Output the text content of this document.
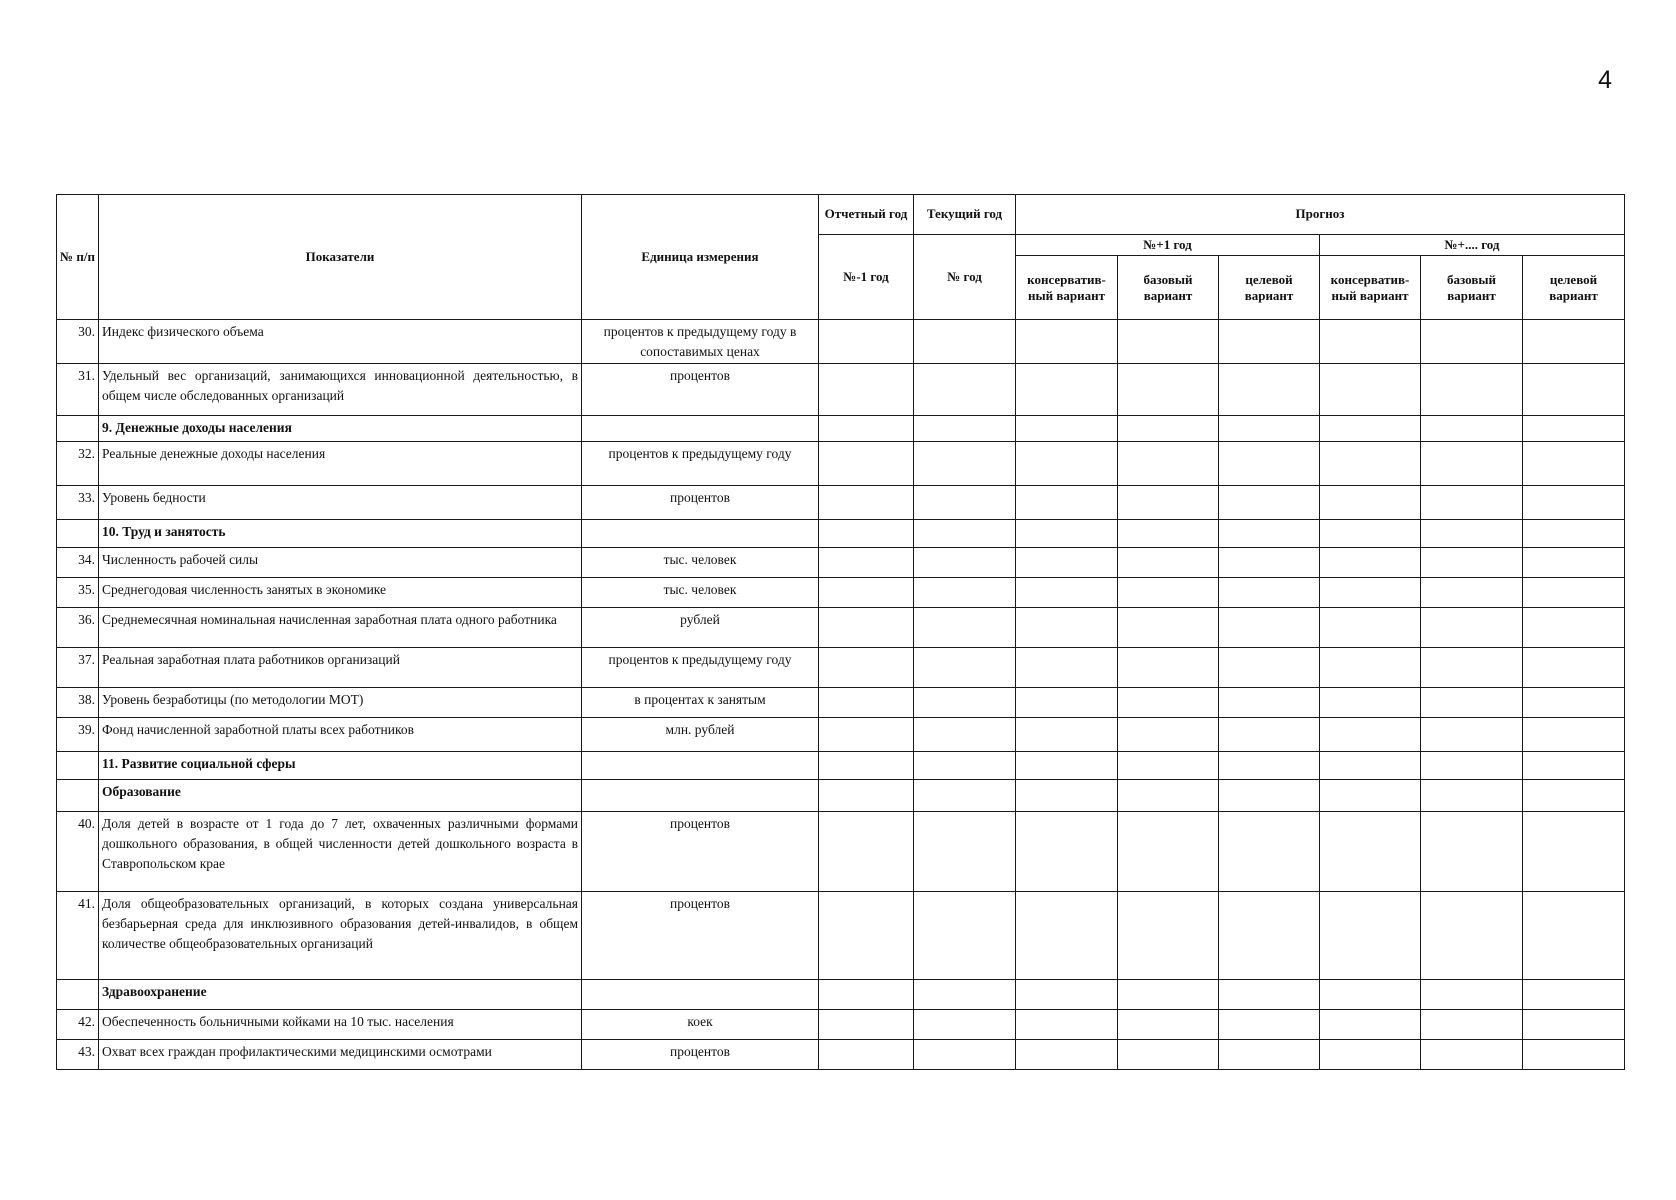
4
№ п/п	Показатели	Единица измерения	Отчетный год	Текущий год	Прогноз					
			№-1 год	№ год	№+1 год			№+.... год		
					консерватив-ный вариант	базовый вариант	целевой вариант	консерватив-ный вариант	базовый вариант	целевой вариант
30.	Индекс физического объема	процентов к предыдущему году в сопоставимых ценах								
31.	Удельный вес организаций, занимающихся инновационной деятельностью, в общем числе обследованных организаций	процентов								
	9. Денежные доходы населения									
32.	Реальные денежные доходы населения	процентов к предыдущему году								
33.	Уровень бедности	процентов								
	10. Труд и занятость									
34.	Численность рабочей силы	тыс. человек								
35.	Среднегодовая численность занятых в экономике	тыс. человек								
36.	Среднемесячная номинальная начисленная заработная плата одного работника	рублей								
37.	Реальная заработная плата работников организаций	процентов к предыдущему году								
38.	Уровень безработицы (по методологии МОТ)	в процентах к занятым								
39.	Фонд начисленной заработной платы всех работников	млн. рублей								
	11. Развитие социальной сферы									
	Образование									
40.	Доля детей в возрасте от 1 года до 7 лет, охваченных различными формами дошкольного образования, в общей численности детей дошкольного возраста в Ставропольском крае	процентов								
41.	Доля общеобразовательных организаций, в которых создана универсальная безбарьерная среда для инклюзивного образования детей-инвалидов, в общем количестве общеобразовательных организаций	процентов								
	Здравоохранение									
42.	Обеспеченность больничными койками на 10 тыс. населения	коек								
43.	Охват всех граждан профилактическими медицинскими осмотрами	процентов								
